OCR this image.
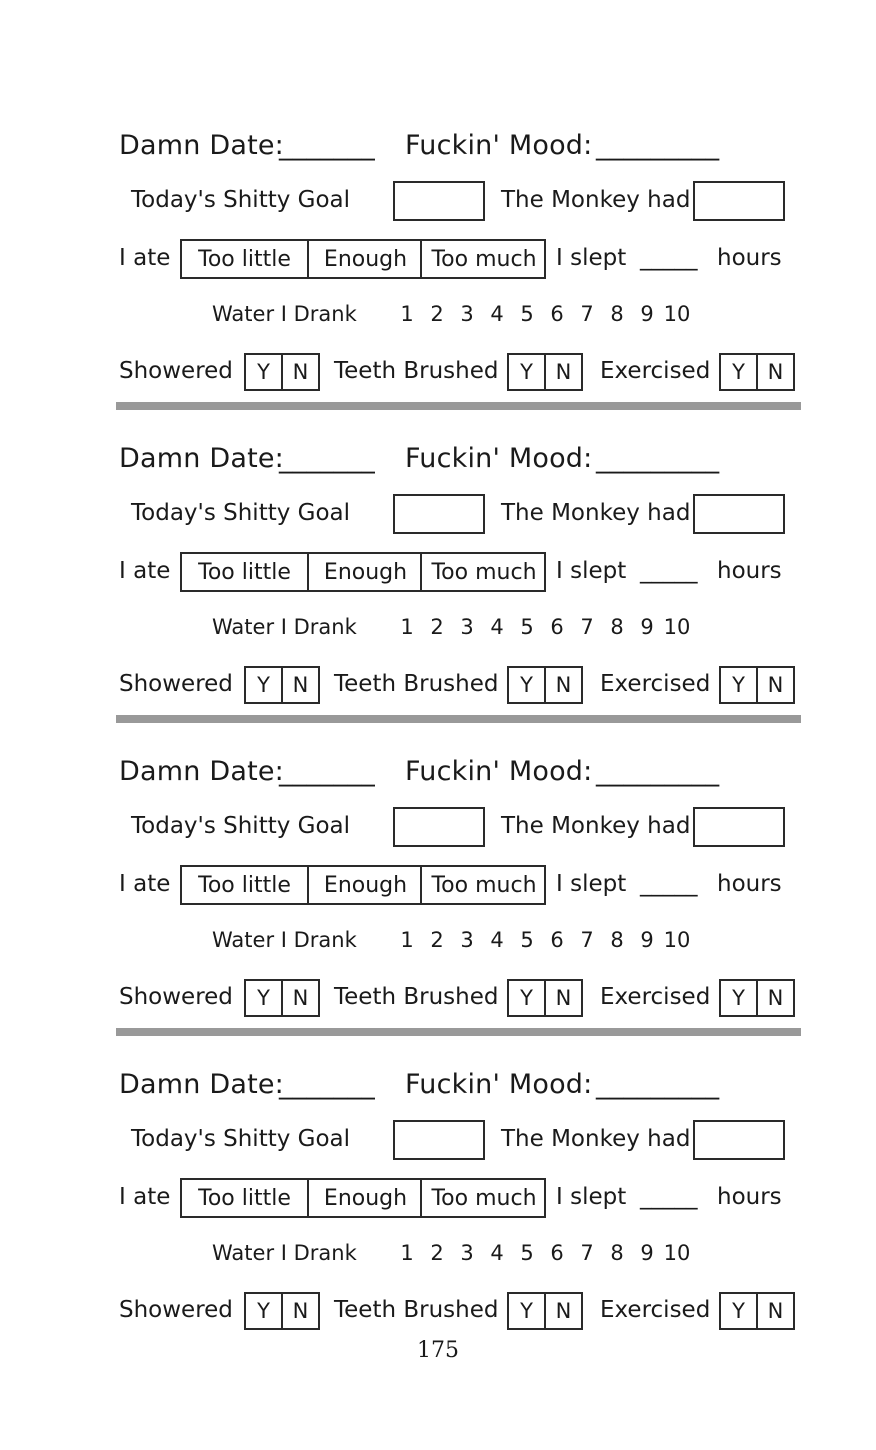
Damn Date:
_______ Fuckin' Mood: _________
Today's Shitty Goal	The Monkey had
I ate	Too little	Enough	Too much I slept _____ hours
Water I Drank	1 2 3 4 5 6 7 8 9 10
Showered	Y	N	Teeth Brushed	Y	N	Exercised	Y	N
Damn Date:
_______ Fuckin' Mood: _________
Today's Shitty Goal	The Monkey had
I ate	Too little	Enough	Too much I slept _____ hours
Water I Drank	1 2 3 4 5 6 7 8 9 10
Showered	Y	N	Teeth Brushed	Y	N	Exercised	Y	N
Damn Date:
_______ Fuckin' Mood: _________
Today's Shitty Goal	The Monkey had
I ate	Too little	Enough	Too much I slept _____ hours
Water I Drank	1 2 3 4 5 6 7 8 9 10
Showered	Y	N	Teeth Brushed	Y	N	Exercised	Y	N
Damn Date:
_______ Fuckin' Mood: _________
Today's Shitty Goal	The Monkey had
I ate	Too little	Enough	Too much I slept _____ hours
Water I Drank	1 2 3 4 5 6 7 8 9 10
Showered	Y	N	Teeth Brushed	Y	N	Exercised	Y	N
175
